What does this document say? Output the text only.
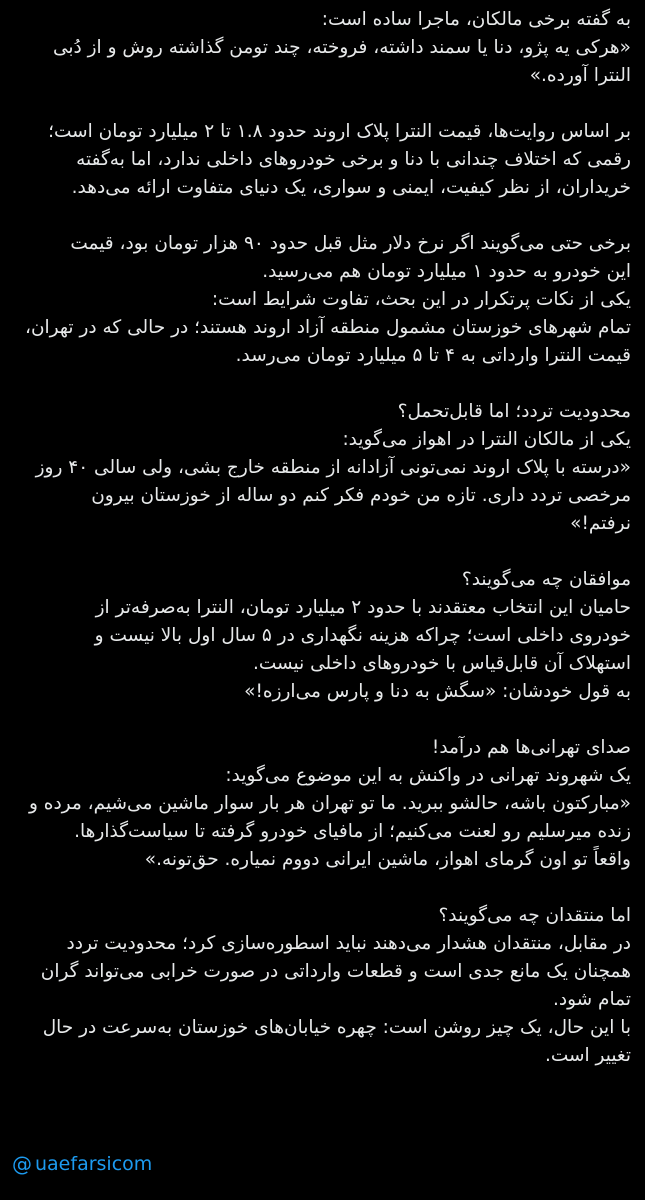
به گفته برخی مالکان، ماجرا ساده است:
«هرکی یه پژو، دنا یا سمند داشته، فروخته، چند تومن گذاشته روش و از دُبی
النترا آورده.»
بر اساس روایت‌ها، قیمت النترا پلاک اروند حدود ۱.۸ تا ۲ میلیارد تومان است؛
رقمی که اختلاف چندانی با دنا و برخی خودروهای داخلی ندارد، اما به‌گفته
خریداران، از نظر کیفیت، ایمنی و سواری، یک دنیای متفاوت ارائه می‌دهد.
برخی حتی می‌گویند اگر نرخ دلار مثل قبل حدود ۹۰ هزار تومان بود، قیمت
این خودرو به حدود ۱ میلیارد تومان هم می‌رسید.
یکی از نکات پرتکرار در این بحث، تفاوت شرایط است:
تمام شهرهای خوزستان مشمول منطقه آزاد اروند هستند؛ در حالی که در تهران،
قیمت النترا وارداتی به ۴ تا ۵ میلیارد تومان می‌رسد.
محدودیت تردد؛ اما قابل‌تحمل؟
یکی از مالکان النترا در اهواز می‌گوید:
«درسته با پلاک اروند نمی‌تونی آزادانه از منطقه خارج بشی، ولی سالی ۴۰ روز
مرخصی تردد داری. تازه من خودم فکر کنم دو ساله از خوزستان بیرون
نرفتم!»
موافقان چه می‌گویند؟
حامیان این انتخاب معتقدند با حدود ۲ میلیارد تومان، النترا به‌صرفه‌تر از
خودروی داخلی است؛ چراکه هزینه نگهداری در ۵ سال اول بالا نیست و
استهلاک آن قابل‌قیاس با خودروهای داخلی نیست.
به قول خودشان: «سگش به دنا و پارس می‌ارزه!»
صدای تهرانی‌ها هم درآمد!
یک شهروند تهرانی در واکنش به این موضوع می‌گوید:
«مبارکتون باشه، حالشو ببرید. ما تو تهران هر بار سوار ماشین می‌شیم، مرده و
زنده میرسلیم رو لعنت می‌کنیم؛ از مافیای خودرو گرفته تا سیاست‌گذارها.
واقعاً تو اون گرمای اهواز، ماشین ایرانی دووم نمیاره. حق‌تونه.»
اما منتقدان چه می‌گویند؟
در مقابل، منتقدان هشدار می‌دهند نباید اسطوره‌سازی کرد؛ محدودیت تردد
همچنان یک مانع جدی است و قطعات وارداتی در صورت خرابی می‌تواند گران
تمام شود.
با این حال، یک چیز روشن است: چهره خیابان‌های خوزستان به‌سرعت در حال
تغییر است.
@ uaefarsicom
